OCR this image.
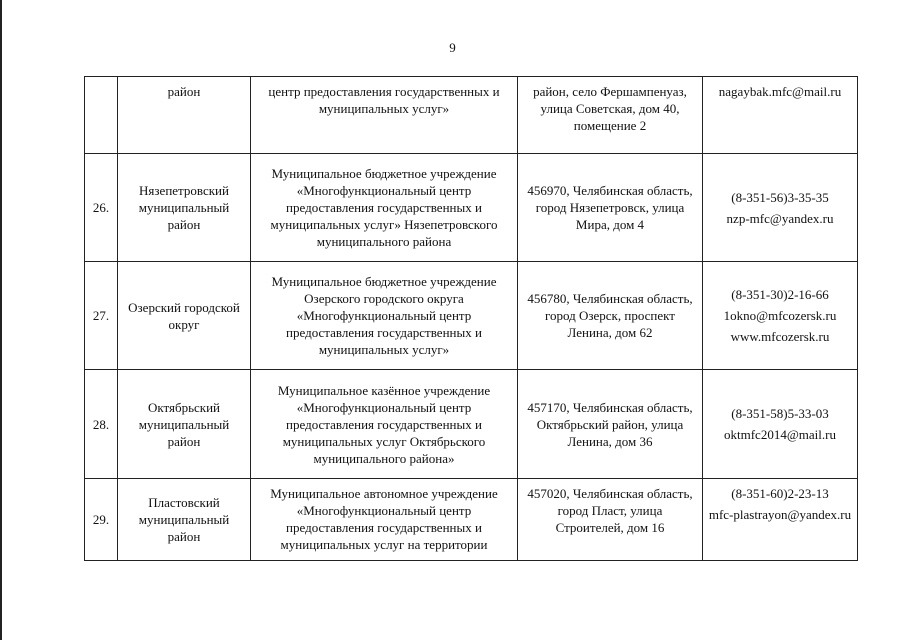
9

	район	центр предоставления государственных и муниципальных услуг»	район, село Фершампенуаз, улица Советская, дом 40, помещение 2	nagaybak.mfc@mail.ru

26.	Нязепетровский муниципальный район	Муниципальное бюджетное учреждение «Многофункциональный центр предоставления государственных и муниципальных услуг» Нязепетровского муниципального района	456970, Челябинская область, город Нязепетровск, улица Мира, дом 4	(8-351-56)3-35-35
nzp-mfc@yandex.ru

27.	Озерский городской округ	Муниципальное бюджетное учреждение Озерского городского округа «Многофункциональный центр предоставления государственных и муниципальных услуг»	456780, Челябинская область, город Озерск, проспект Ленина, дом 62	(8-351-30)2-16-66
1okno@mfcozersk.ru
www.mfcozersk.ru

28.	Октябрьский муниципальный район	Муниципальное казённое учреждение «Многофункциональный центр предоставления государственных и муниципальных услуг Октябрьского муниципального района»	457170, Челябинская область, Октябрьский район, улица Ленина, дом 36	(8-351-58)5-33-03
oktmfc2014@mail.ru

29.	Пластовский муниципальный район	Муниципальное автономное учреждение «Многофункциональный центр предоставления государственных и муниципальных услуг на территории	457020, Челябинская область, город Пласт, улица Строителей, дом 16	(8-351-60)2-23-13
mfc-plastrayon@yandex.ru
